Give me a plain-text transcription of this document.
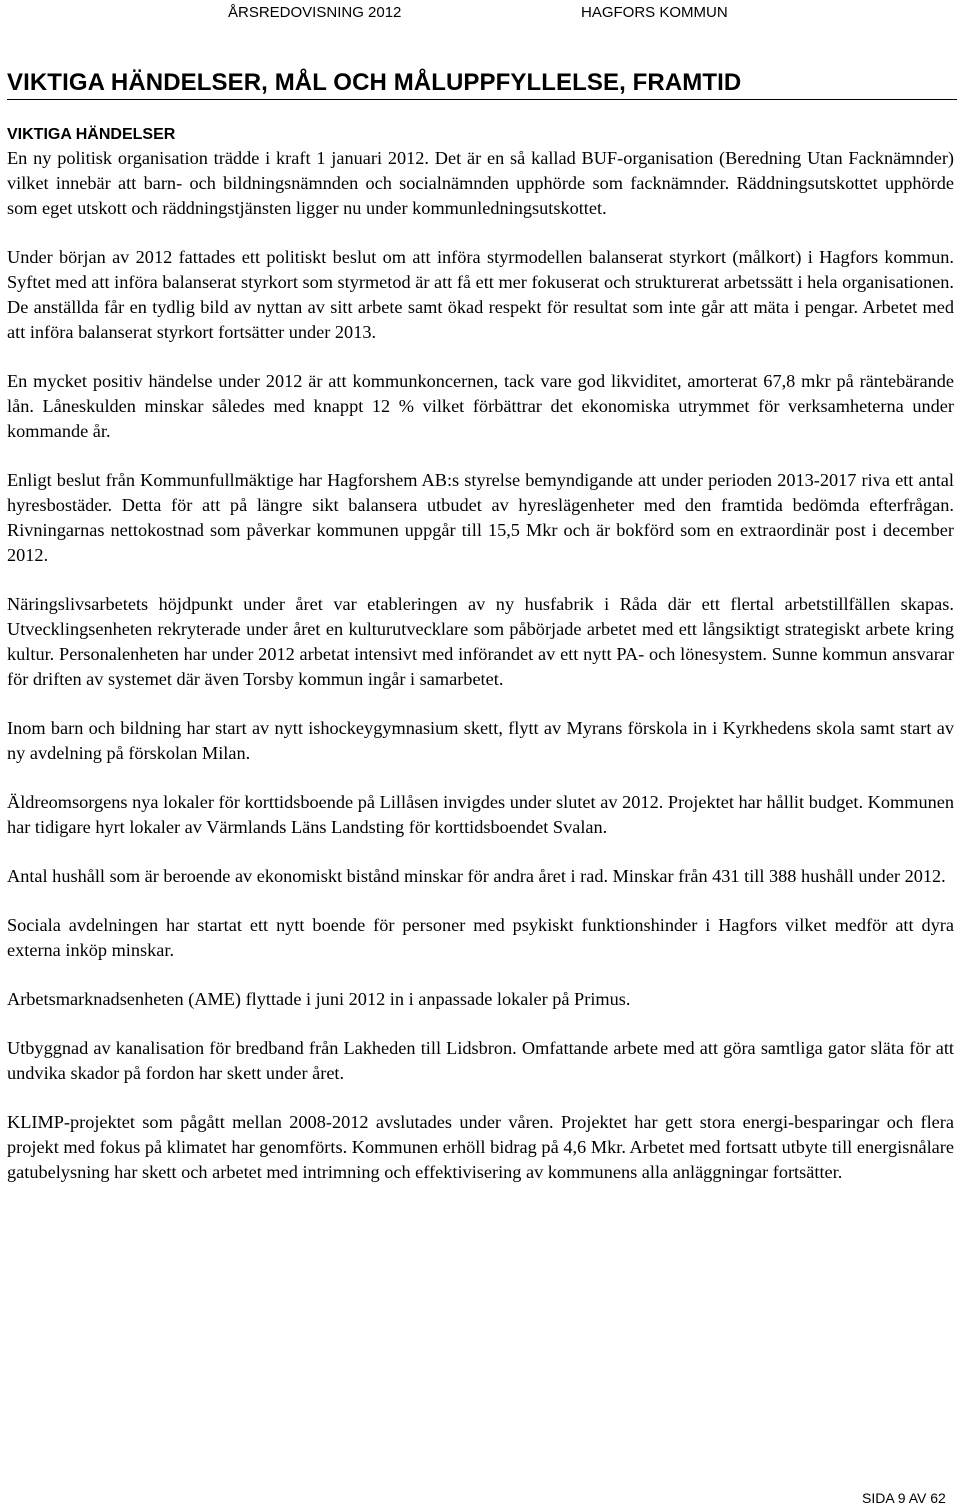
ÅRSREDOVISNING 2012	HAGFORS KOMMUN
VIKTIGA HÄNDELSER, MÅL OCH MÅLUPPFYLLELSE, FRAMTID
VIKTIGA HÄNDELSER

En ny politisk organisation trädde i kraft 1 januari 2012. Det är en så kallad BUF-organisation (Beredning Utan Facknämnder) vilket innebär att barn- och bildningsnämnden och socialnämnden upphörde som facknämnder. Räddningsutskottet upphörde som eget utskott och räddningstjänsten ligger nu under kommunledningsutskottet.

Under början av 2012 fattades ett politiskt beslut om att införa styrmodellen balanserat styrkort (målkort) i Hagfors kommun. Syftet med att införa balanserat styrkort som styrmetod är att få ett mer fokuserat och strukturerat arbetssätt i hela organisationen. De anställda får en tydlig bild av nyttan av sitt arbete samt ökad respekt för resultat som inte går att mäta i pengar. Arbetet med att införa balanserat styrkort fortsätter under 2013.

En mycket positiv händelse under 2012 är att kommunkoncernen, tack vare god likviditet, amorterat 67,8 mkr på räntebärande lån. Låneskulden minskar således med knappt 12 % vilket förbättrar det ekonomiska utrymmet för verksamheterna under kommande år.

Enligt beslut från Kommunfullmäktige har Hagforshem AB:s styrelse bemyndigande att under perioden 2013-2017 riva ett antal hyresbostäder. Detta för att på längre sikt balansera utbudet av hyreslägenheter med den framtida bedömda efterfrågan. Rivningarnas nettokostnad som påverkar kommunen uppgår till 15,5 Mkr och är bokförd som en extraordinär post i december 2012.

Näringslivsarbetets höjdpunkt under året var etableringen av ny husfabrik i Råda där ett flertal arbetstillfällen skapas. Utvecklingsenheten rekryterade under året en kulturutvecklare som påbörjade arbetet med ett långsiktigt strategiskt arbete kring kultur. Personalenheten har under 2012 arbetat intensivt med införandet av ett nytt PA- och lönesystem. Sunne kommun ansvarar för driften av systemet där även Torsby kommun ingår i samarbetet.

Inom barn och bildning har start av nytt ishockeygymnasium skett, flytt av Myrans förskola in i Kyrkhedens skola samt start av ny avdelning på förskolan Milan.

Äldreomsorgens nya lokaler för korttidsboende på Lillåsen invigdes under slutet av 2012. Projektet har hållit budget. Kommunen har tidigare hyrt lokaler av Värmlands Läns Landsting för korttidsboendet Svalan.

Antal hushåll som är beroende av ekonomiskt bistånd minskar för andra året i rad. Minskar från 431 till 388 hushåll under 2012.

Sociala avdelningen har startat ett nytt boende för personer med psykiskt funktionshinder i Hagfors vilket medför att dyra externa inköp minskar.

Arbetsmarknadsenheten (AME) flyttade i juni 2012 in i anpassade lokaler på Primus.

Utbyggnad av kanalisation för bredband från Lakheden till Lidsbron. Omfattande arbete med att göra samtliga gator släta för att undvika skador på fordon har skett under året.

KLIMP-projektet som pågått mellan 2008-2012 avslutades under våren. Projektet har gett stora energi-besparingar och flera projekt med fokus på klimatet har genomförts. Kommunen erhöll bidrag på 4,6 Mkr. Arbetet med fortsatt utbyte till energisnålare gatubelysning har skett och arbetet med intrimning och effektivisering av kommunens alla anläggningar fortsätter.

SIDA 9 AV 62
